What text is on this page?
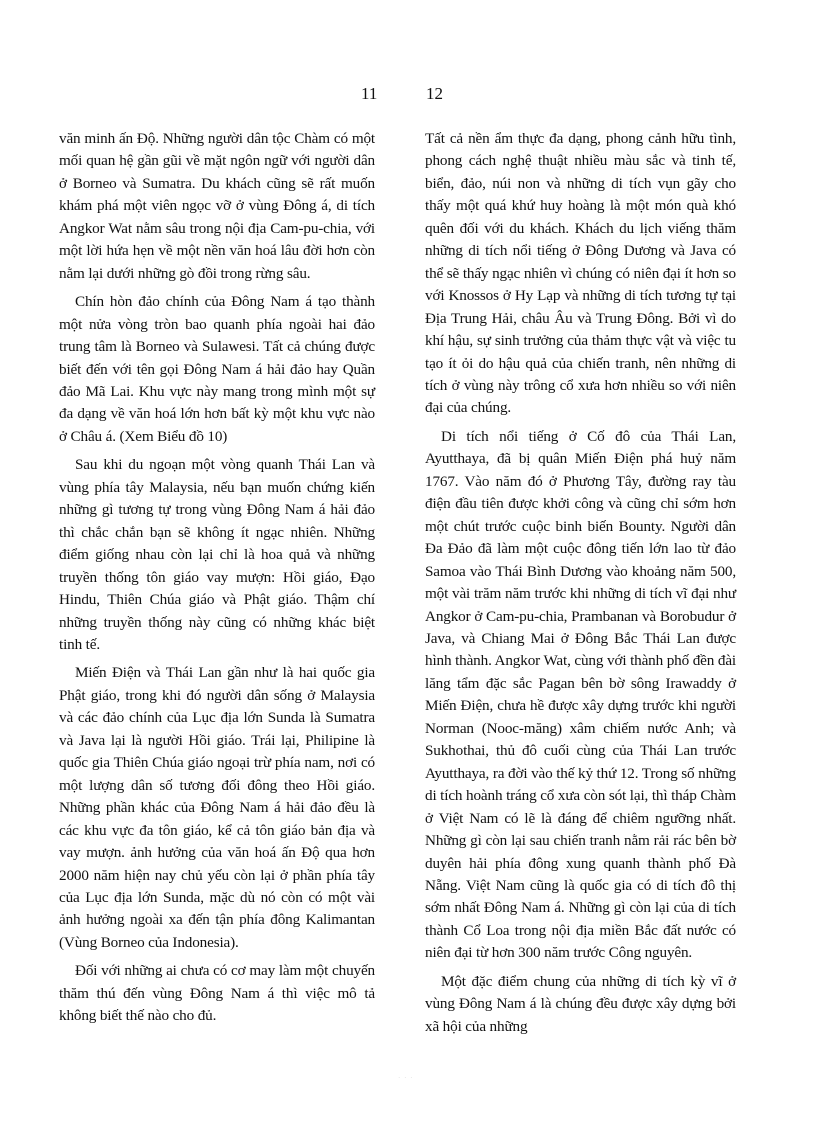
11	12

văn minh ấn Độ. Những người dân tộc Chàm có một mối quan hệ gần gũi về mặt ngôn ngữ với người dân ở Borneo và Sumatra. Du khách cũng sẽ rất muốn khám phá một viên ngọc vỡ ở vùng Đông á, di tích Angkor Wat nằm sâu trong nội địa Cam-pu-chia, với một lời hứa hẹn về một nền văn hoá lâu đời hơn còn nằm lại dưới những gò đồi trong rừng sâu.

Chín hòn đảo chính của Đông Nam á tạo thành một nửa vòng tròn bao quanh phía ngoài hai đảo trung tâm là Borneo và Sulawesi. Tất cả chúng được biết đến với tên gọi Đông Nam á hải đảo hay Quần đảo Mã Lai. Khu vực này mang trong mình một sự đa dạng về văn hoá lớn hơn bất kỳ một khu vực nào ở Châu á. (Xem Biểu đồ 10)

Sau khi du ngoạn một vòng quanh Thái Lan và vùng phía tây Malaysia, nếu bạn muốn chứng kiến những gì tương tự trong vùng Đông Nam á hải đảo thì chắc chắn bạn sẽ không ít ngạc nhiên. Những điểm giống nhau còn lại chỉ là hoa quả và những truyền thống tôn giáo vay mượn: Hồi giáo, Đạo Hindu, Thiên Chúa giáo và Phật giáo. Thậm chí những truyền thống này cũng có những khác biệt tinh tế.

Miến Điện và Thái Lan gần như là hai quốc gia Phật giáo, trong khi đó người dân sống ở Malaysia và các đảo chính của Lục địa lớn Sunda là Sumatra và Java lại là người Hồi giáo. Trái lại, Philipine là quốc gia Thiên Chúa giáo ngoại trừ phía nam, nơi có một lượng dân số tương đối đông theo Hồi giáo. Những phần khác của Đông Nam á hải đảo đều là các khu vực đa tôn giáo, kể cả tôn giáo bản địa và vay mượn. ảnh hưởng của văn hoá ấn Độ qua hơn 2000 năm hiện nay chủ yếu còn lại ở phần phía tây của Lục địa lớn Sunda, mặc dù nó còn có một vài ảnh hưởng ngoài xa đến tận phía đông Kalimantan (Vùng Borneo của Indonesia).

Đối với những ai chưa có cơ may làm một chuyến thăm thú đến vùng Đông Nam á thì việc mô tả không biết thế nào cho đủ.

Tất cả nền ẩm thực đa dạng, phong cảnh hữu tình, phong cách nghệ thuật nhiều màu sắc và tinh tế, biển, đảo, núi non và những di tích vụn gãy cho thấy một quá khứ huy hoàng là một món quà khó quên đối với du khách. Khách du lịch viếng thăm những di tích nổi tiếng ở Đông Dương và Java có thể sẽ thấy ngạc nhiên vì chúng có niên đại ít hơn so với Knossos ở Hy Lạp và những di tích tương tự tại Địa Trung Hải, châu Âu và Trung Đông. Bởi vì do khí hậu, sự sinh trưởng của thảm thực vật và việc tu tạo ít ỏi do hậu quả của chiến tranh, nên những di tích ở vùng này trông cổ xưa hơn nhiều so với niên đại của chúng.

Di tích nổi tiếng ở Cố đô của Thái Lan, Ayutthaya, đã bị quân Miến Điện phá huỷ năm 1767. Vào năm đó ở Phương Tây, đường ray tàu điện đầu tiên được khởi công và cũng chỉ sớm hơn một chút trước cuộc binh biến Bounty. Người dân Đa Đảo đã làm một cuộc đông tiến lớn lao từ đảo Samoa vào Thái Bình Dương vào khoảng năm 500, một vài trăm năm trước khi những di tích vĩ đại như Angkor ở Cam-pu-chia, Prambanan và Borobudur ở Java, và Chiang Mai ở Đông Bắc Thái Lan được hình thành. Angkor Wat, cùng với thành phố đền đài lăng tẩm đặc sắc Pagan bên bờ sông Irawaddy ở Miến Điện, chưa hề được xây dựng trước khi người Norman (Nooc-măng) xâm chiếm nước Anh; và Sukhothai, thủ đô cuối cùng của Thái Lan trước Ayutthaya, ra đời vào thế kỷ thứ 12. Trong số những di tích hoành tráng cổ xưa còn sót lại, thì tháp Chàm ở Việt Nam có lẽ là đáng để chiêm ngưỡng nhất. Những gì còn lại sau chiến tranh nằm rải rác bên bờ duyên hải phía đông xung quanh thành phố Đà Nẵng. Việt Nam cũng là quốc gia có di tích đô thị sớm nhất Đông Nam á. Những gì còn lại của di tích thành Cổ Loa trong nội địa miền Bắc đất nước có niên đại từ hơn 300 năm trước Công nguyên.

Một đặc điểm chung của những di tích kỳ vĩ ở vùng Đông Nam á là chúng đều được xây dựng bởi xã hội của những

· · ·
